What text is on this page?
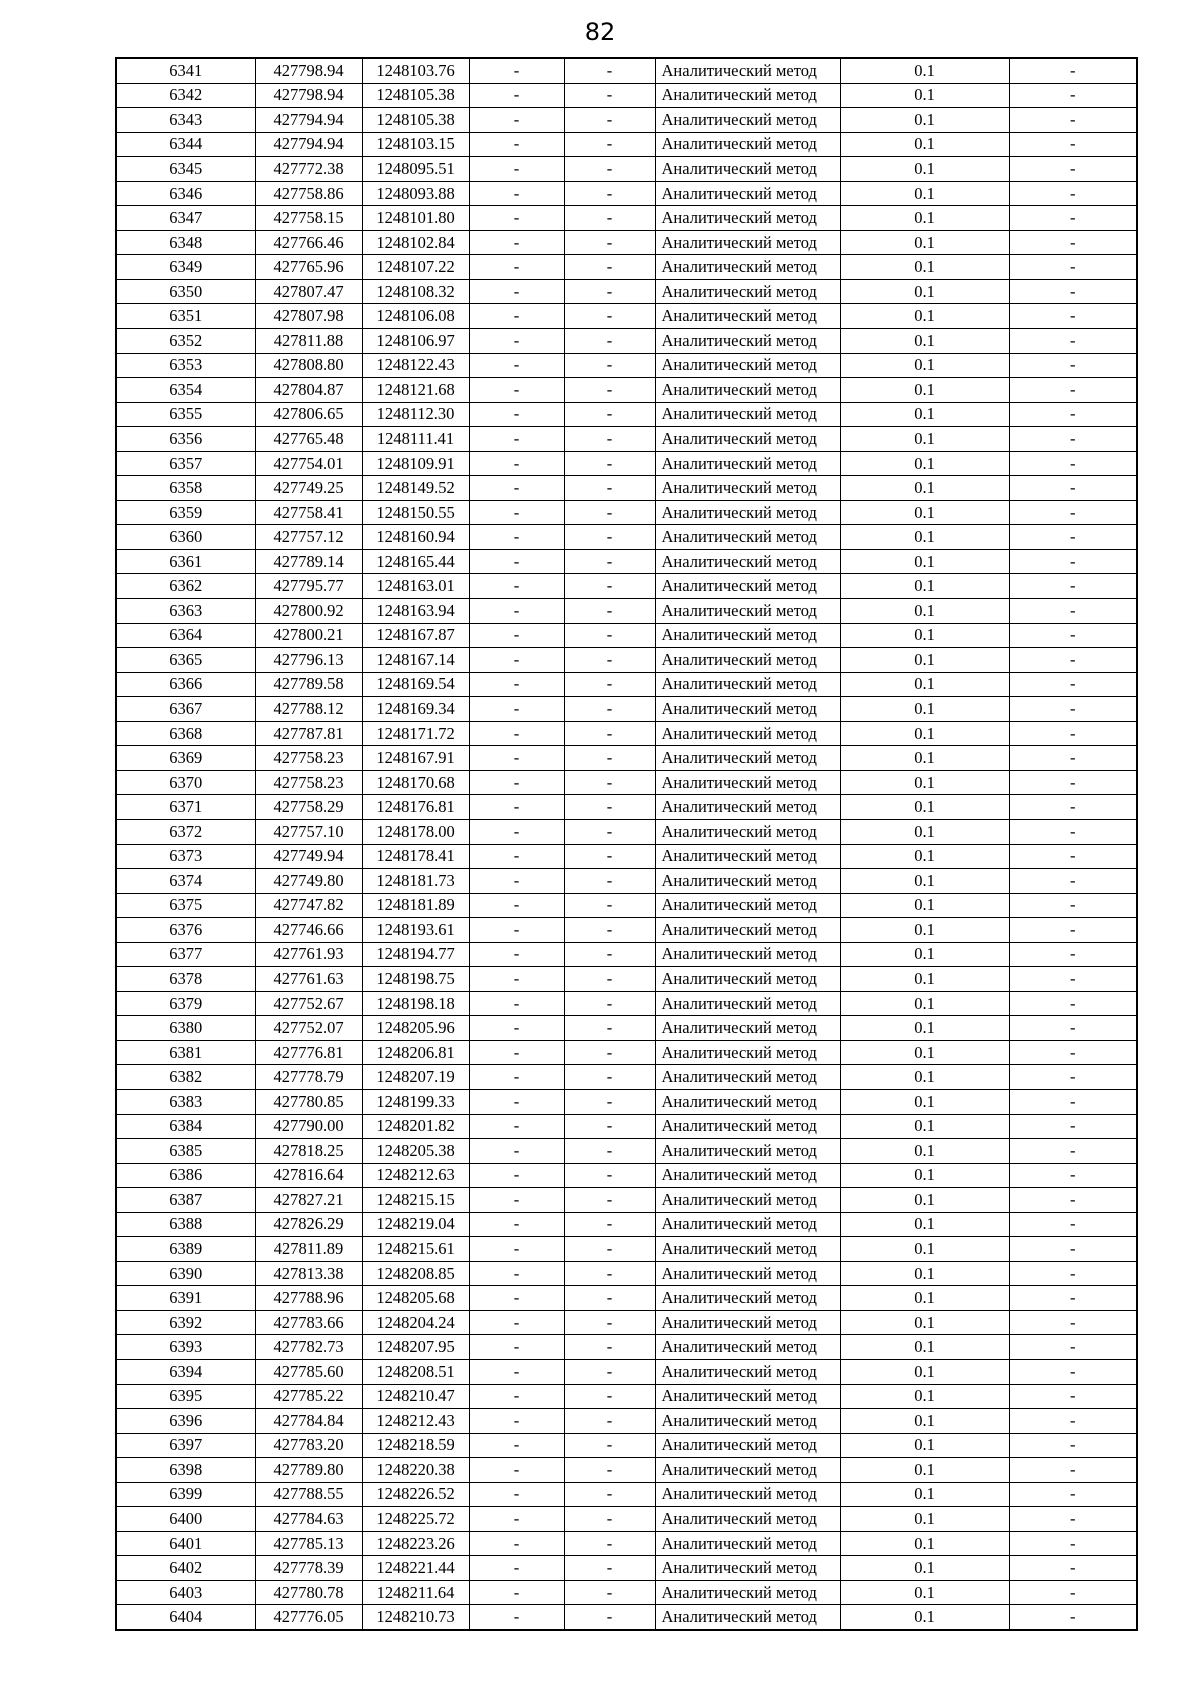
82
6341	427798.94	1248103.76	-	-	Аналитический метод	0.1	-
6342	427798.94	1248105.38	-	-	Аналитический метод	0.1	-
6343	427794.94	1248105.38	-	-	Аналитический метод	0.1	-
6344	427794.94	1248103.15	-	-	Аналитический метод	0.1	-
6345	427772.38	1248095.51	-	-	Аналитический метод	0.1	-
6346	427758.86	1248093.88	-	-	Аналитический метод	0.1	-
6347	427758.15	1248101.80	-	-	Аналитический метод	0.1	-
6348	427766.46	1248102.84	-	-	Аналитический метод	0.1	-
6349	427765.96	1248107.22	-	-	Аналитический метод	0.1	-
6350	427807.47	1248108.32	-	-	Аналитический метод	0.1	-
6351	427807.98	1248106.08	-	-	Аналитический метод	0.1	-
6352	427811.88	1248106.97	-	-	Аналитический метод	0.1	-
6353	427808.80	1248122.43	-	-	Аналитический метод	0.1	-
6354	427804.87	1248121.68	-	-	Аналитический метод	0.1	-
6355	427806.65	1248112.30	-	-	Аналитический метод	0.1	-
6356	427765.48	1248111.41	-	-	Аналитический метод	0.1	-
6357	427754.01	1248109.91	-	-	Аналитический метод	0.1	-
6358	427749.25	1248149.52	-	-	Аналитический метод	0.1	-
6359	427758.41	1248150.55	-	-	Аналитический метод	0.1	-
6360	427757.12	1248160.94	-	-	Аналитический метод	0.1	-
6361	427789.14	1248165.44	-	-	Аналитический метод	0.1	-
6362	427795.77	1248163.01	-	-	Аналитический метод	0.1	-
6363	427800.92	1248163.94	-	-	Аналитический метод	0.1	-
6364	427800.21	1248167.87	-	-	Аналитический метод	0.1	-
6365	427796.13	1248167.14	-	-	Аналитический метод	0.1	-
6366	427789.58	1248169.54	-	-	Аналитический метод	0.1	-
6367	427788.12	1248169.34	-	-	Аналитический метод	0.1	-
6368	427787.81	1248171.72	-	-	Аналитический метод	0.1	-
6369	427758.23	1248167.91	-	-	Аналитический метод	0.1	-
6370	427758.23	1248170.68	-	-	Аналитический метод	0.1	-
6371	427758.29	1248176.81	-	-	Аналитический метод	0.1	-
6372	427757.10	1248178.00	-	-	Аналитический метод	0.1	-
6373	427749.94	1248178.41	-	-	Аналитический метод	0.1	-
6374	427749.80	1248181.73	-	-	Аналитический метод	0.1	-
6375	427747.82	1248181.89	-	-	Аналитический метод	0.1	-
6376	427746.66	1248193.61	-	-	Аналитический метод	0.1	-
6377	427761.93	1248194.77	-	-	Аналитический метод	0.1	-
6378	427761.63	1248198.75	-	-	Аналитический метод	0.1	-
6379	427752.67	1248198.18	-	-	Аналитический метод	0.1	-
6380	427752.07	1248205.96	-	-	Аналитический метод	0.1	-
6381	427776.81	1248206.81	-	-	Аналитический метод	0.1	-
6382	427778.79	1248207.19	-	-	Аналитический метод	0.1	-
6383	427780.85	1248199.33	-	-	Аналитический метод	0.1	-
6384	427790.00	1248201.82	-	-	Аналитический метод	0.1	-
6385	427818.25	1248205.38	-	-	Аналитический метод	0.1	-
6386	427816.64	1248212.63	-	-	Аналитический метод	0.1	-
6387	427827.21	1248215.15	-	-	Аналитический метод	0.1	-
6388	427826.29	1248219.04	-	-	Аналитический метод	0.1	-
6389	427811.89	1248215.61	-	-	Аналитический метод	0.1	-
6390	427813.38	1248208.85	-	-	Аналитический метод	0.1	-
6391	427788.96	1248205.68	-	-	Аналитический метод	0.1	-
6392	427783.66	1248204.24	-	-	Аналитический метод	0.1	-
6393	427782.73	1248207.95	-	-	Аналитический метод	0.1	-
6394	427785.60	1248208.51	-	-	Аналитический метод	0.1	-
6395	427785.22	1248210.47	-	-	Аналитический метод	0.1	-
6396	427784.84	1248212.43	-	-	Аналитический метод	0.1	-
6397	427783.20	1248218.59	-	-	Аналитический метод	0.1	-
6398	427789.80	1248220.38	-	-	Аналитический метод	0.1	-
6399	427788.55	1248226.52	-	-	Аналитический метод	0.1	-
6400	427784.63	1248225.72	-	-	Аналитический метод	0.1	-
6401	427785.13	1248223.26	-	-	Аналитический метод	0.1	-
6402	427778.39	1248221.44	-	-	Аналитический метод	0.1	-
6403	427780.78	1248211.64	-	-	Аналитический метод	0.1	-
6404	427776.05	1248210.73	-	-	Аналитический метод	0.1	-
